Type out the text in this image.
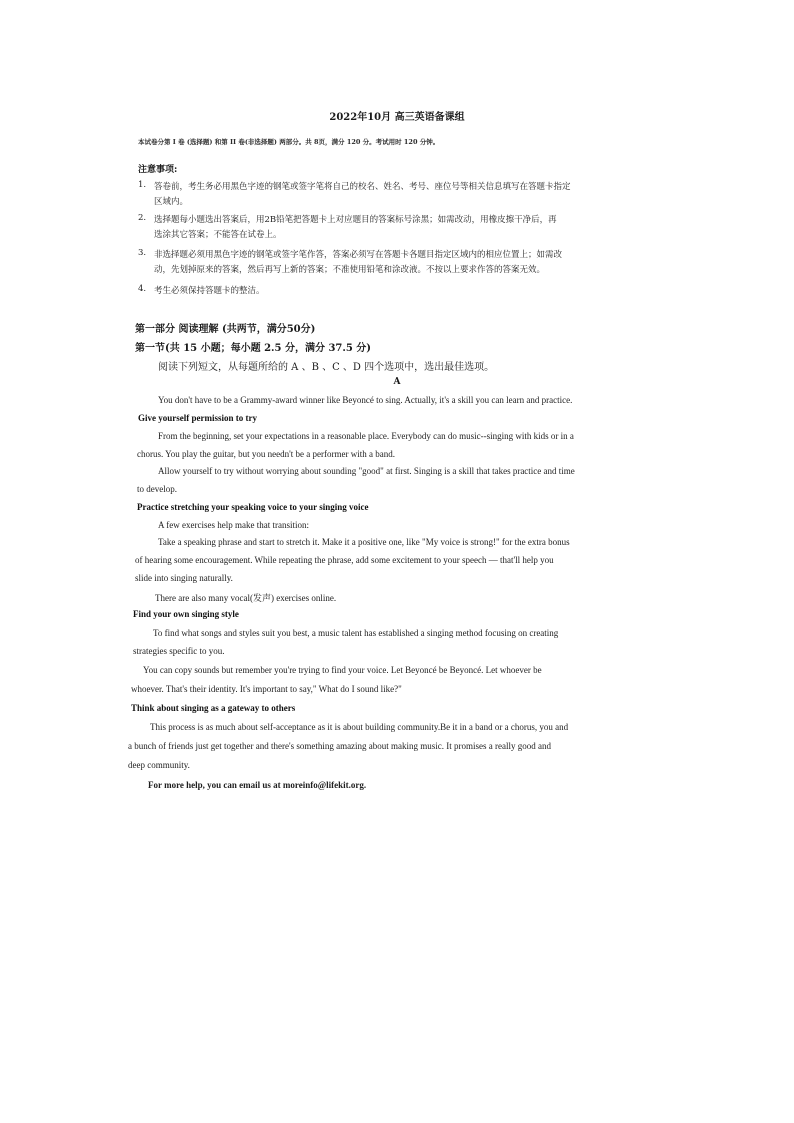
2022年10月 高三英语备课组
本试卷分第 I 卷 (选择题) 和第 II 卷(非选择题) 两部分。共 8页，满分 120 分。考试用时 120 分钟。
注意事项:
1. 答卷前，考生务必用黑色字迹的钢笔或签字笔将自己的校名、姓名、考号、座位号等相关信息填写在答题卡指定
区域内。
2. 选择题每小题选出答案后，用2B铅笔把答题卡上对应题目的答案标号涂黑；如需改动，用橡皮擦干净后，再
选涂其它答案；不能答在试卷上。
3. 非选择题必须用黑色字迹的钢笔或签字笔作答，答案必须写在答题卡各题目指定区域内的相应位置上；如需改
动，先划掉原来的答案，然后再写上新的答案；不准使用铅笔和涂改液。不按以上要求作答的答案无效。
4. 考生必须保持答题卡的整洁。
第一部分 阅读理解 (共两节，满分50分)
第一节(共 15 小题；每小题 2.5 分，满分 37.5 分)
阅读下列短文，从每题所给的 A 、B 、C 、D 四个选项中，选出最佳选项。
A
You don't have to be a Grammy-award winner like Beyoncé to sing. Actually, it's a skill you can learn and practice.
Give yourself permission to try
From the beginning, set your expectations in a reasonable place. Everybody can do music--singing with kids or in a
chorus. You play the guitar, but you needn't be a performer with a band.
Allow yourself to try without worrying about sounding "good" at first. Singing is a skill that takes practice and time
to develop.
Practice stretching your speaking voice to your singing voice
A few exercises help make that transition:
Take a speaking phrase and start to stretch it. Make it a positive one, like "My voice is strong!" for the extra bonus
of hearing some encouragement. While repeating the phrase, add some excitement to your speech — that'll help you
slide into singing naturally.
There are also many vocal(发声) exercises online.
Find your own singing style
To find what songs and styles suit you best, a music talent has established a singing method focusing on creating
strategies specific to you.
You can copy sounds but remember you're trying to find your voice. Let Beyoncé be Beyoncé. Let whoever be
whoever. That's their identity. It's important to say," What do I sound like?"
Think about singing as a gateway to others
This process is as much about self-acceptance as it is about building community.Be it in a band or a chorus, you and
a bunch of friends just get together and there's something amazing about making music. It promises a really good and
deep community.
For more help, you can email us at moreinfo@lifekit.org.
